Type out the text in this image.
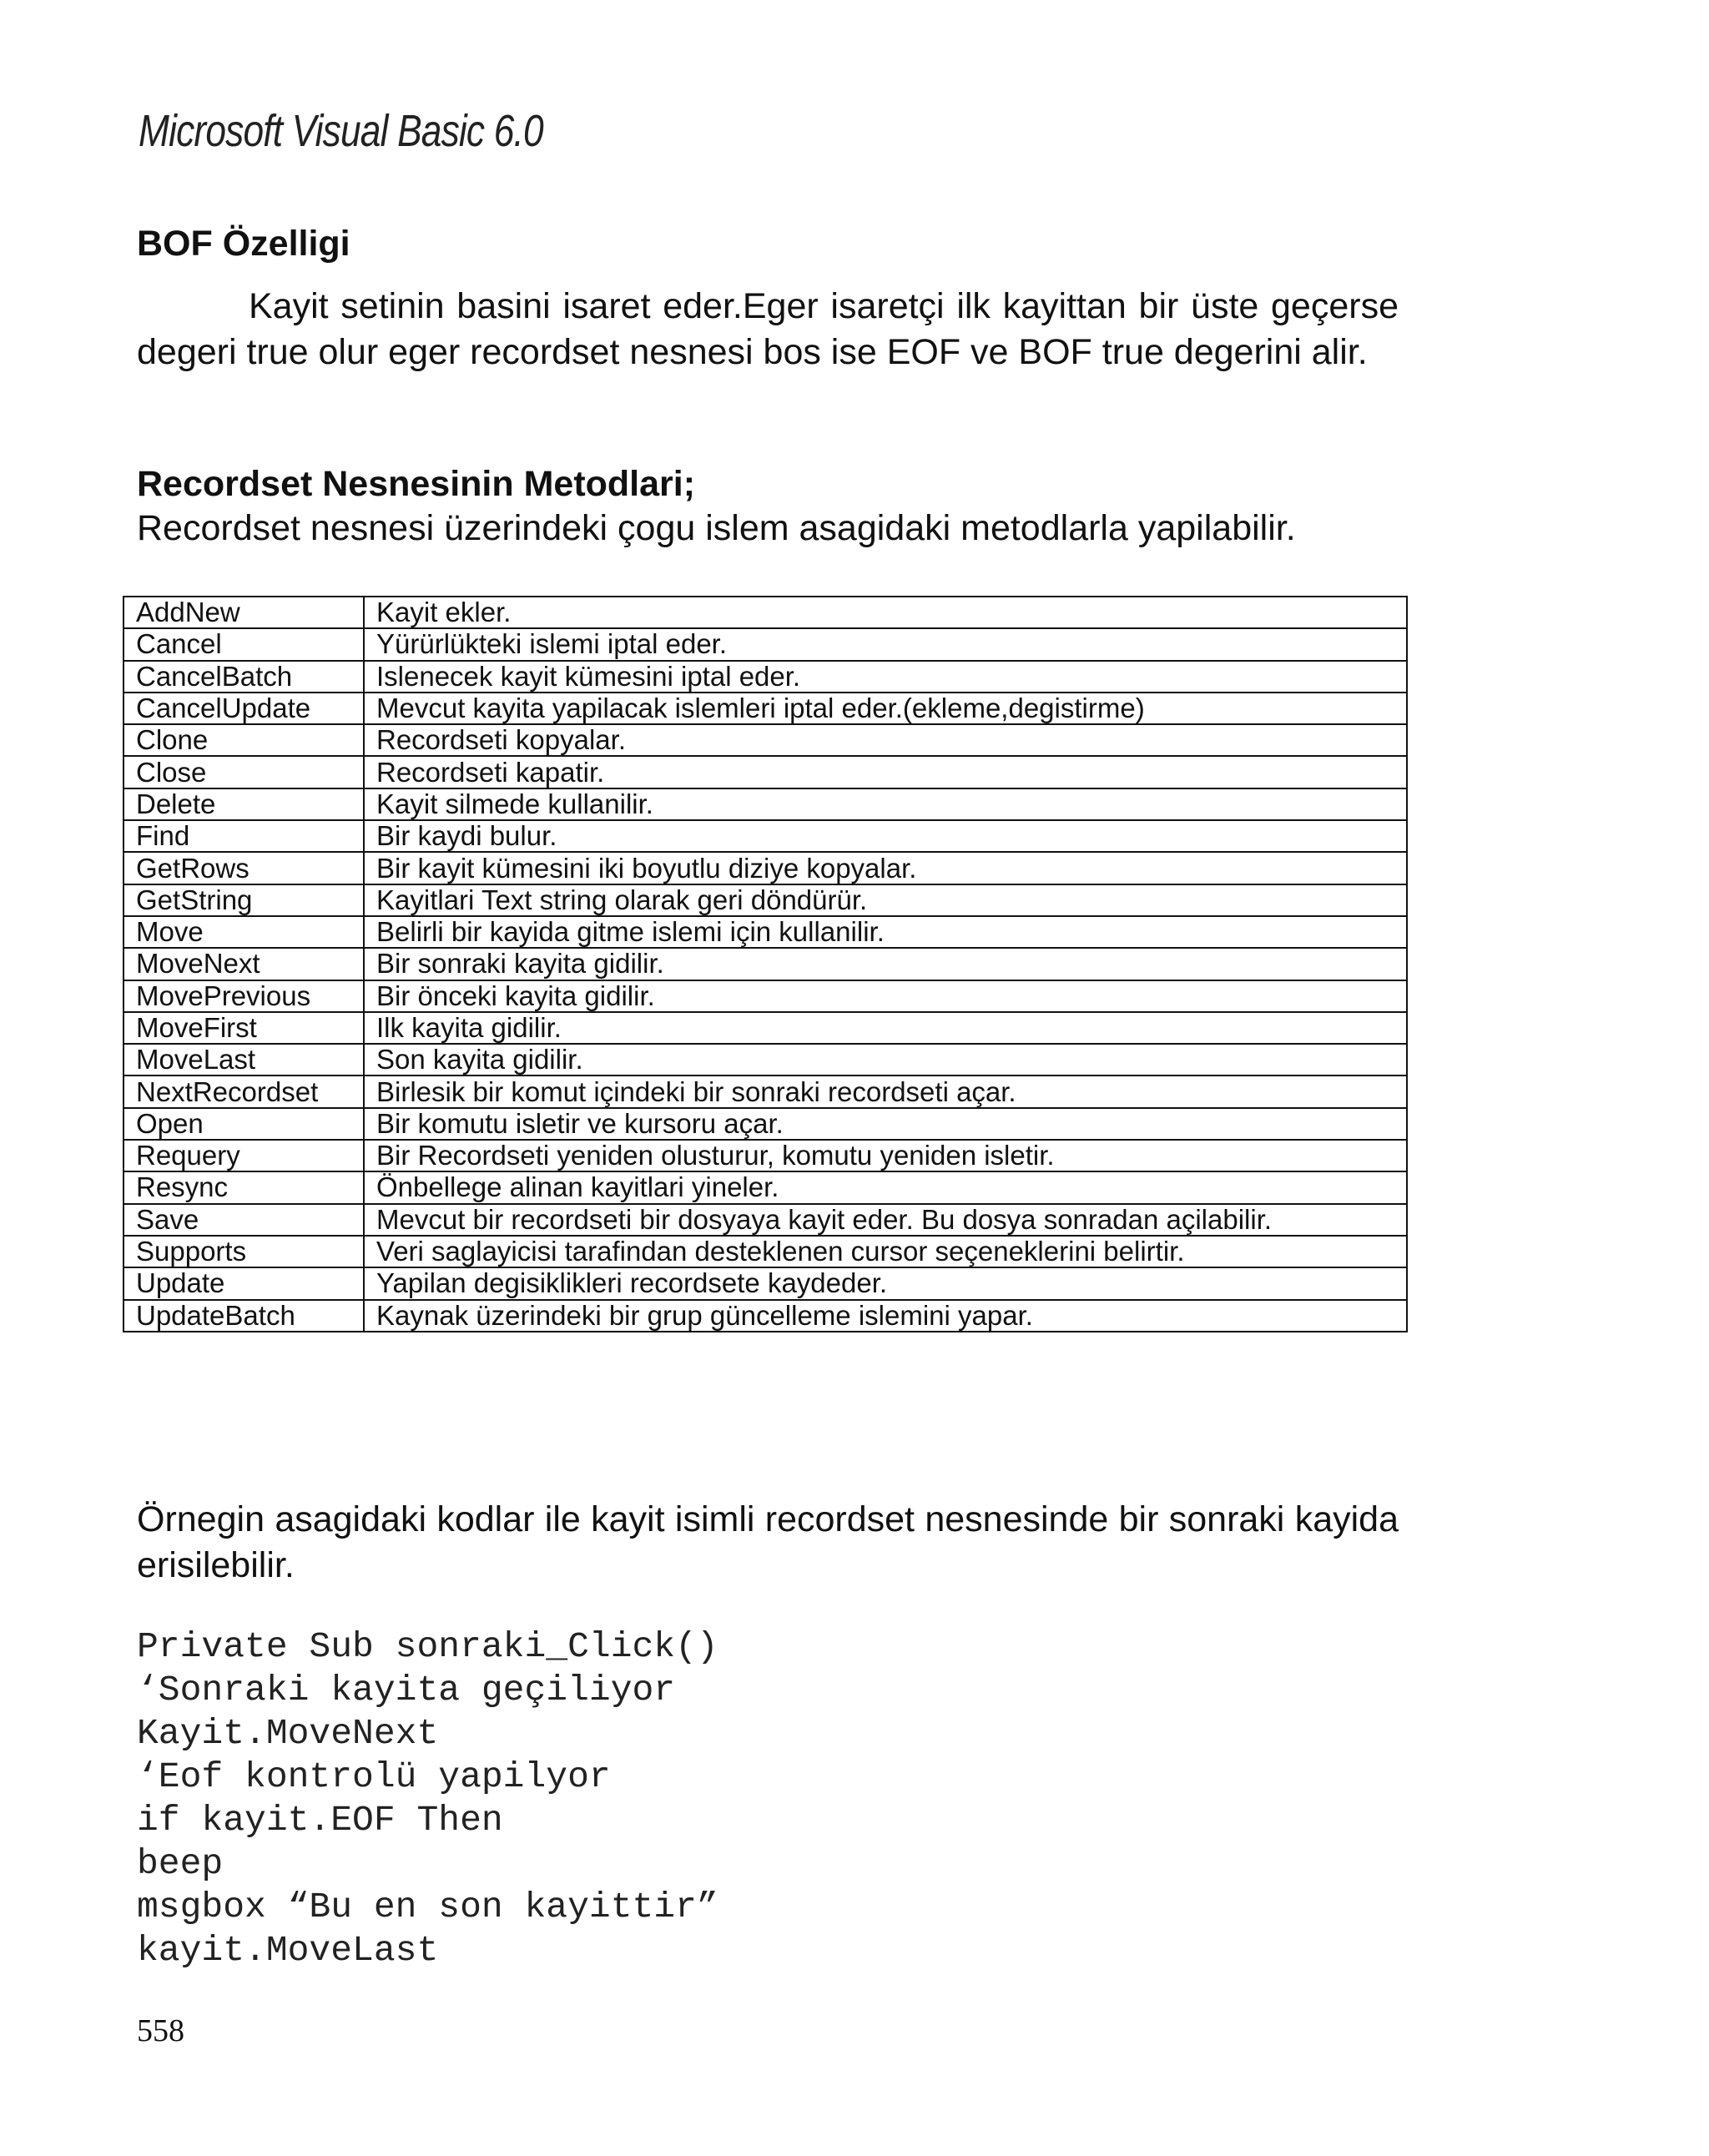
Microsoft Visual Basic 6.0
BOF Özelligi

Kayit setinin basini isaret eder.Eger isaretçi ilk kayittan bir üste geçerse degeri true olur eger recordset nesnesi bos ise EOF ve BOF true degerini alir.

Recordset Nesnesinin Metodlari;

Recordset nesnesi üzerindeki çogu islem asagidaki metodlarla yapilabilir.

AddNew	Kayit ekler.
Cancel	Yürürlükteki islemi iptal eder.
CancelBatch	Islenecek kayit kümesini iptal eder.
CancelUpdate	Mevcut kayita yapilacak islemleri iptal eder.(ekleme,degistirme)
Clone	Recordseti kopyalar.
Close	Recordseti kapatir.
Delete	Kayit silmede kullanilir.
Find	Bir kaydi bulur.
GetRows	Bir kayit kümesini iki boyutlu diziye kopyalar.
GetString	Kayitlari Text string olarak geri döndürür.
Move	Belirli bir kayida gitme islemi için kullanilir.
MoveNext	Bir sonraki kayita gidilir.
MovePrevious	Bir önceki kayita gidilir.
MoveFirst	Ilk kayita gidilir.
MoveLast	Son kayita gidilir.
NextRecordset	Birlesik bir komut içindeki bir sonraki recordseti açar.
Open	Bir komutu isletir ve kursoru açar.
Requery	Bir Recordseti yeniden olusturur, komutu yeniden isletir.
Resync	Önbellege alinan kayitlari yineler.
Save	Mevcut bir recordseti bir dosyaya kayit eder. Bu dosya sonradan açilabilir.
Supports	Veri saglayicisi tarafindan desteklenen cursor seçeneklerini belirtir.
Update	Yapilan degisiklikleri recordsete kaydeder.
UpdateBatch	Kaynak üzerindeki bir grup güncelleme islemini yapar.

Örnegin asagidaki kodlar ile kayit isimli recordset nesnesinde bir sonraki kayida erisilebilir.

Private Sub sonraki_Click()
‘Sonraki kayita geçiliyor
Kayit.MoveNext
‘Eof kontrolü yapilyor
if kayit.EOF Then
beep
msgbox “Bu en son kayittir”
kayit.MoveLast
558
